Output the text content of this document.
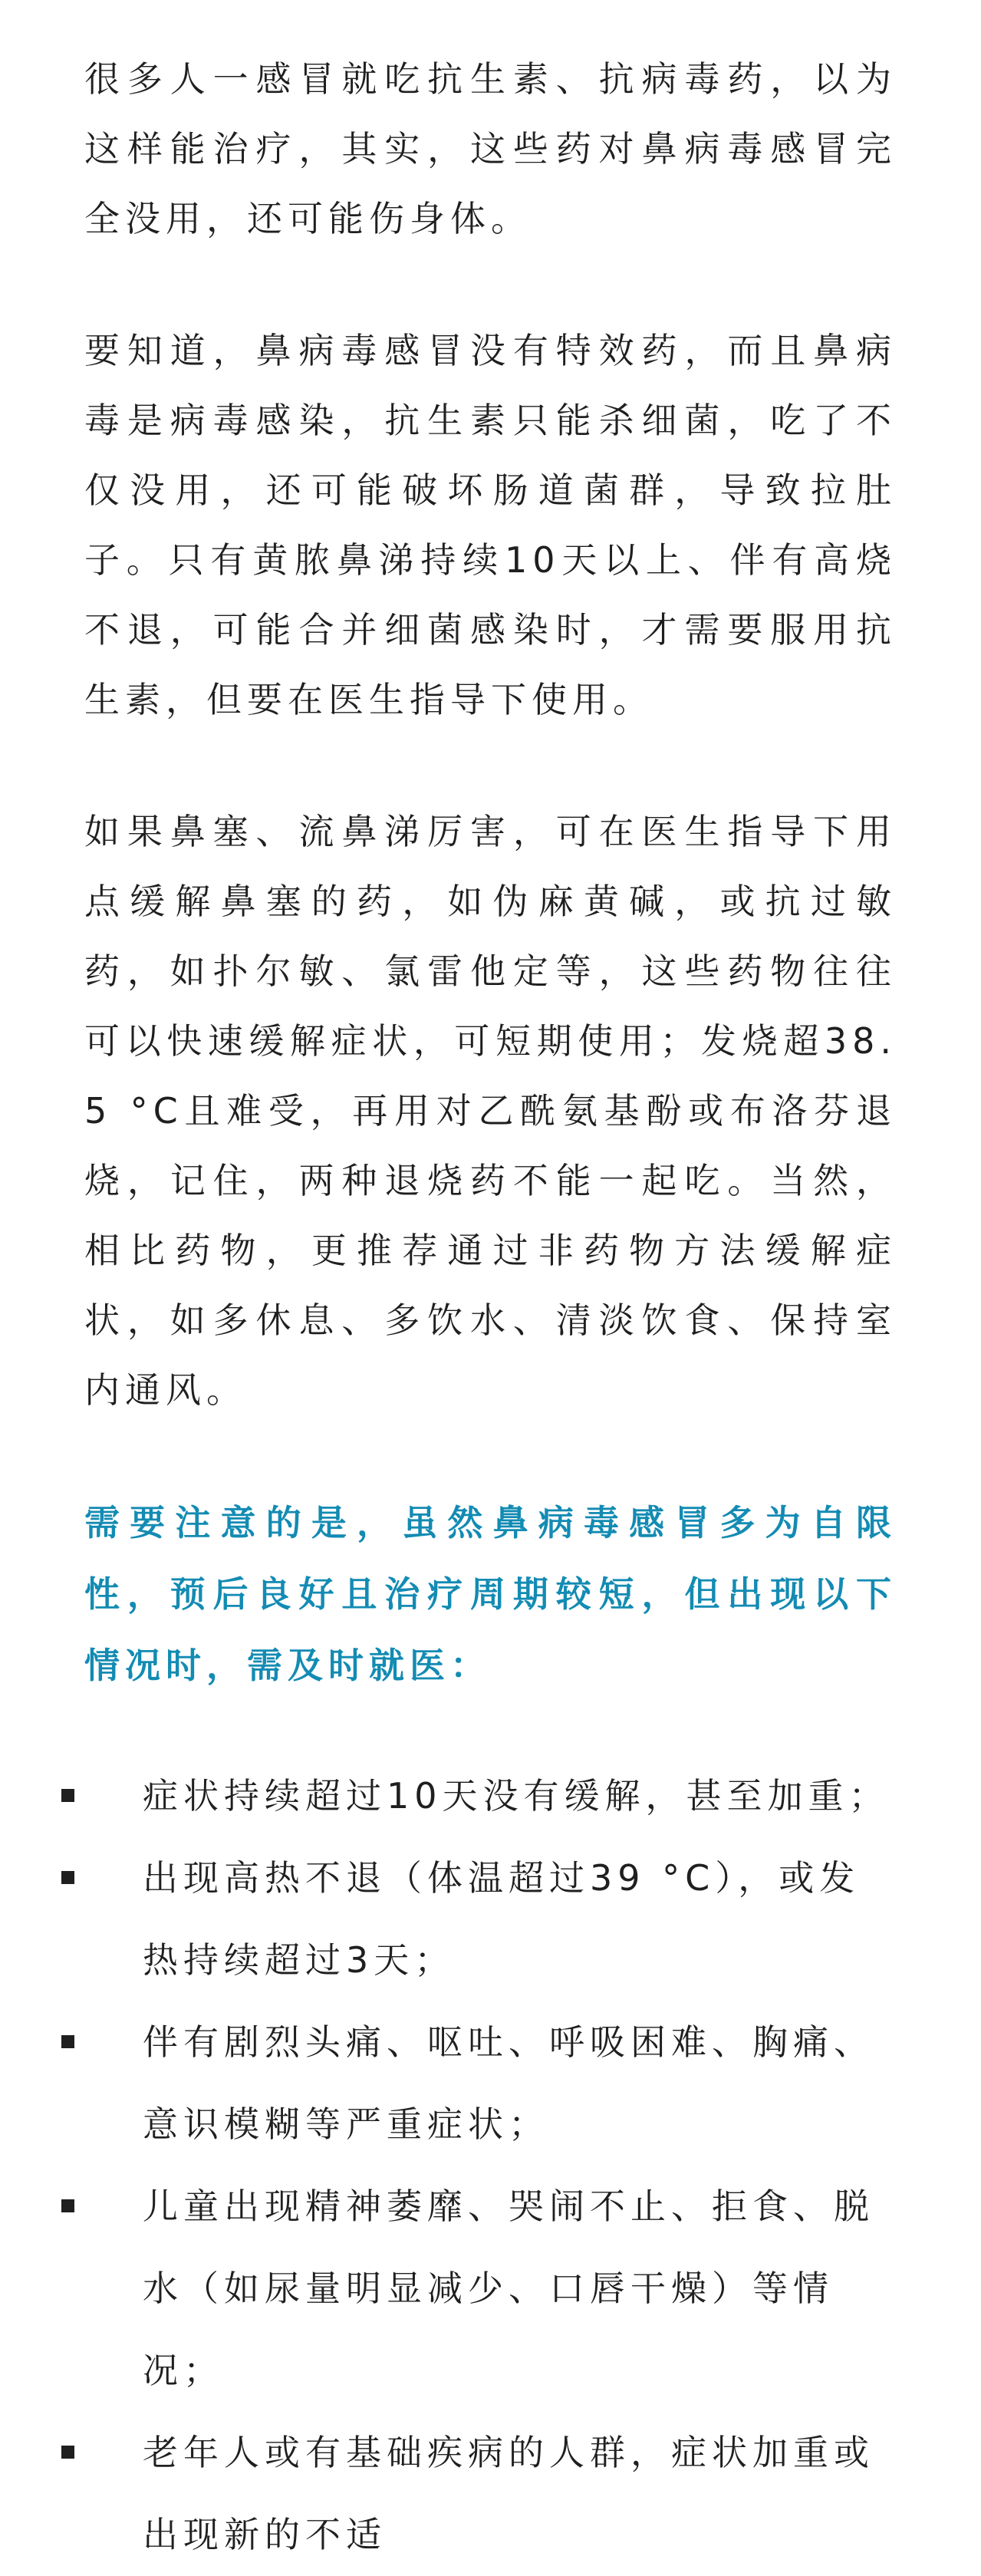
很多人一感冒就吃抗生素、抗病毒药，以为这样能治疗，其实，这些药对鼻病毒感冒完全没用，还可能伤身体。

要知道，鼻病毒感冒没有特效药，而且鼻病毒是病毒感染，抗生素只能杀细菌，吃了不仅没用，还可能破坏肠道菌群，导致拉肚子。只有黄脓鼻涕持续10天以上、伴有高烧不退，可能合并细菌感染时，才需要服用抗生素，但要在医生指导下使用。

如果鼻塞、流鼻涕厉害，可在医生指导下用点缓解鼻塞的药，如伪麻黄碱，或抗过敏药，如扑尔敏、氯雷他定等，这些药物往往可以快速缓解症状，可短期使用；发烧超38.5 °C且难受，再用对乙酰氨基酚或布洛芬退烧，记住，两种退烧药不能一起吃。当然，相比药物，更推荐通过非药物方法缓解症状，如多休息、多饮水、清淡饮食、保持室内通风。

需要注意的是，虽然鼻病毒感冒多为自限性，预后良好且治疗周期较短，但出现以下情况时，需及时就医：
症状持续超过10天没有缓解，甚至加重；
出现高热不退（体温超过39 °C），或发热持续超过3天；
伴有剧烈头痛、呕吐、呼吸困难、胸痛、意识模糊等严重症状；
儿童出现精神萎靡、哭闹不止、拒食、脱水（如尿量明显减少、口唇干燥）等情况；
老年人或有基础疾病的人群，症状加重或出现新的不适
